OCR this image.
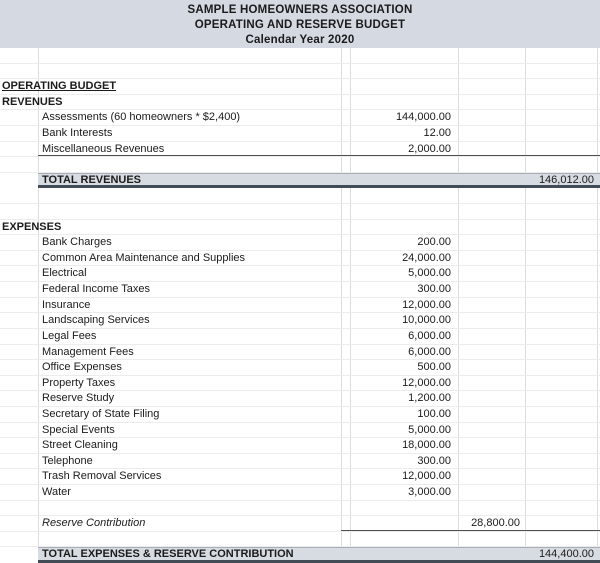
SAMPLE HOMEOWNERS ASSOCIATION
OPERATING AND RESERVE BUDGET
Calendar Year 2020
OPERATING BUDGET
REVENUES
Assessments (60 homeowners * $2,400)	144,000.00
Bank Interests	12.00
Miscellaneous Revenues	2,000.00
TOTAL REVENUES	146,012.00
EXPENSES
Bank Charges	200.00
Common Area Maintenance and Supplies	24,000.00
Electrical	5,000.00
Federal Income Taxes	300.00
Insurance	12,000.00
Landscaping Services	10,000.00
Legal Fees	6,000.00
Management Fees	6,000.00
Office Expenses	500.00
Property Taxes	12,000.00
Reserve Study	1,200.00
Secretary of State Filing	100.00
Special Events	5,000.00
Street Cleaning	18,000.00
Telephone	300.00
Trash Removal Services	12,000.00
Water	3,000.00
Reserve Contribution	28,800.00
TOTAL EXPENSES & RESERVE CONTRIBUTION	144,400.00
